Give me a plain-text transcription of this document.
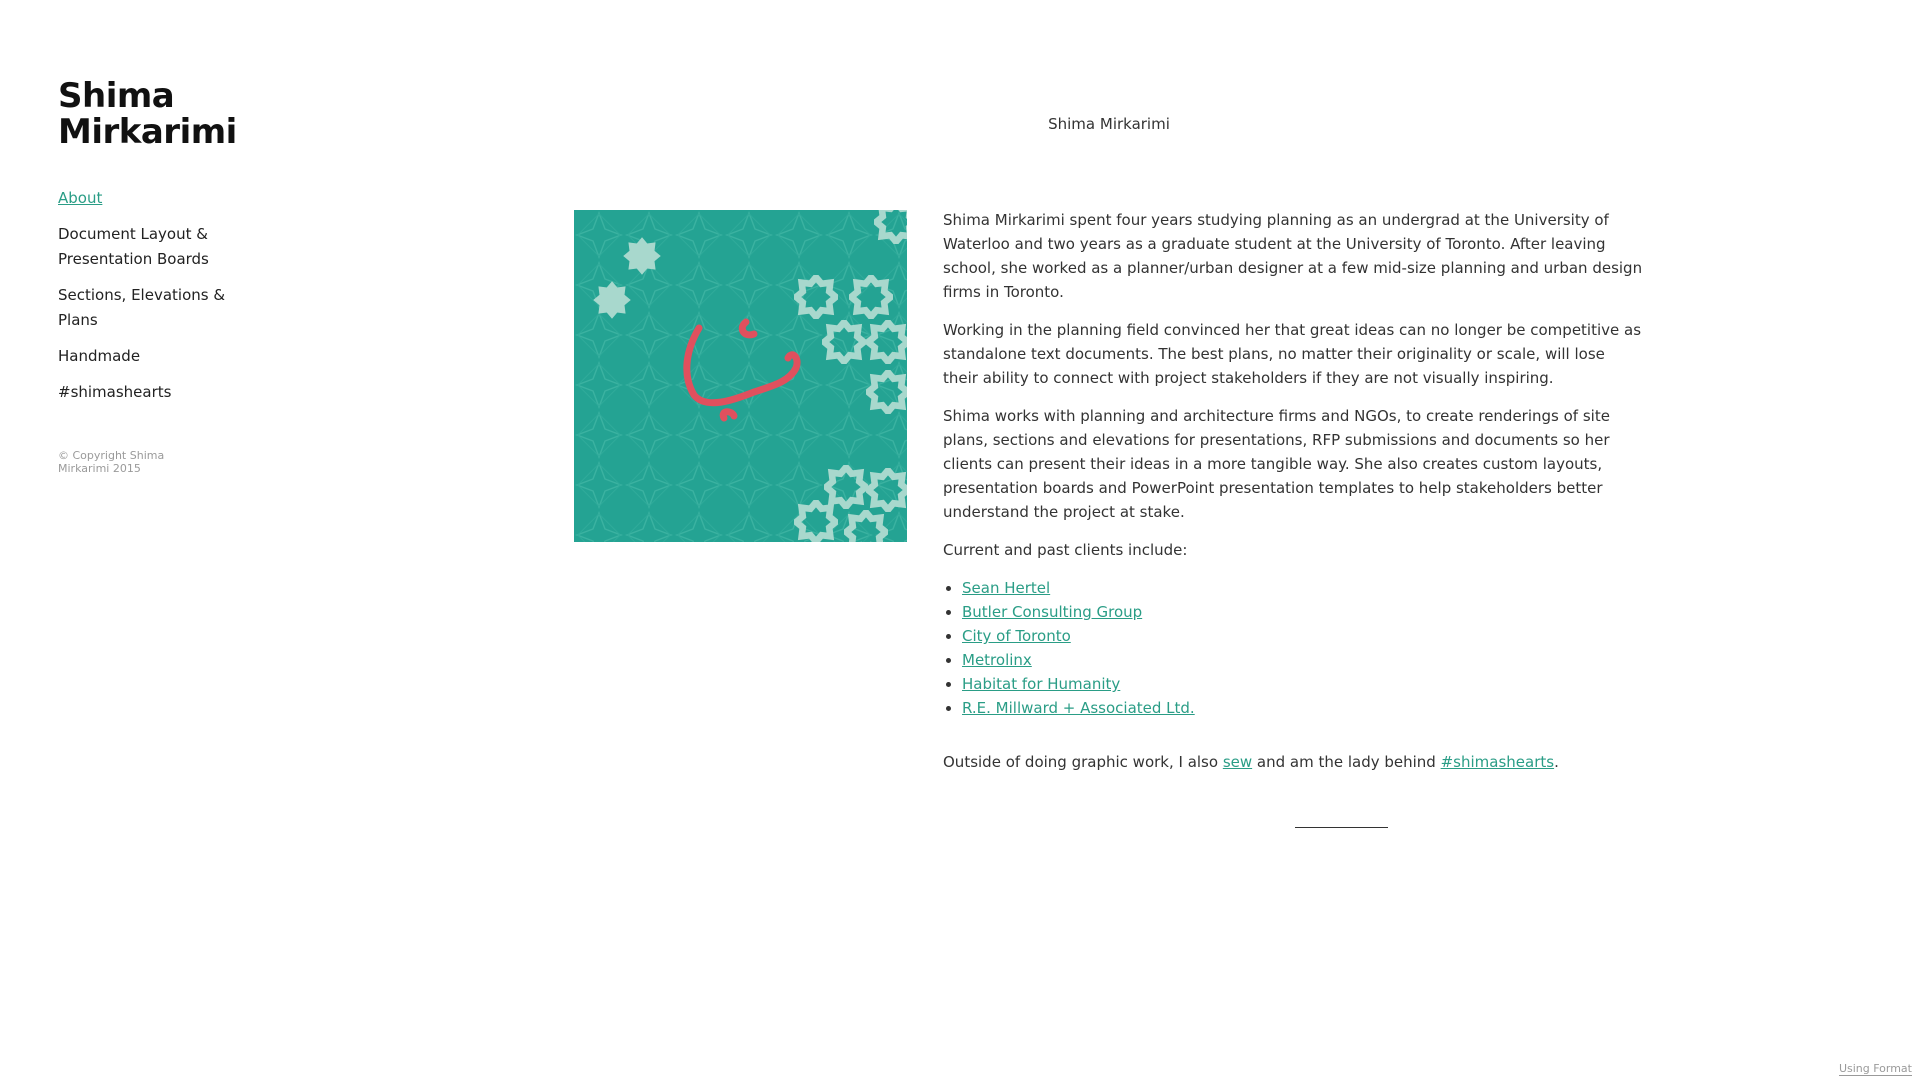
Shima Mirkarimi
About
Document Layout & Presentation Boards
Sections, Elevations & Plans
Handmade
#shimashearts
© Copyright Shima Mirkarimi 2015
Shima Mirkarimi

Shima Mirkarimi spent four years studying planning as an undergrad at the University of Waterloo and two years as a graduate student at the University of Toronto. After leaving school, she worked as a planner/urban designer at a few mid-size planning and urban design firms in Toronto.

Working in the planning field convinced her that great ideas can no longer be competitive as standalone text documents. The best plans, no matter their originality or scale, will lose their ability to connect with project stakeholders if they are not visually inspiring.

Shima works with planning and architecture firms and NGOs, to create renderings of site plans, sections and elevations for presentations, RFP submissions and documents so her clients can present their ideas in a more tangible way. She also creates custom layouts, presentation boards and PowerPoint presentation templates to help stakeholders better understand the project at stake.

Current and past clients include:

• Sean Hertel
• Butler Consulting Group
• City of Toronto
• Metrolinx
• Habitat for Humanity
• R.E. Millward + Associated Ltd.

Outside of doing graphic work, I also sew and am the lady behind #shimashearts.

Using Format
